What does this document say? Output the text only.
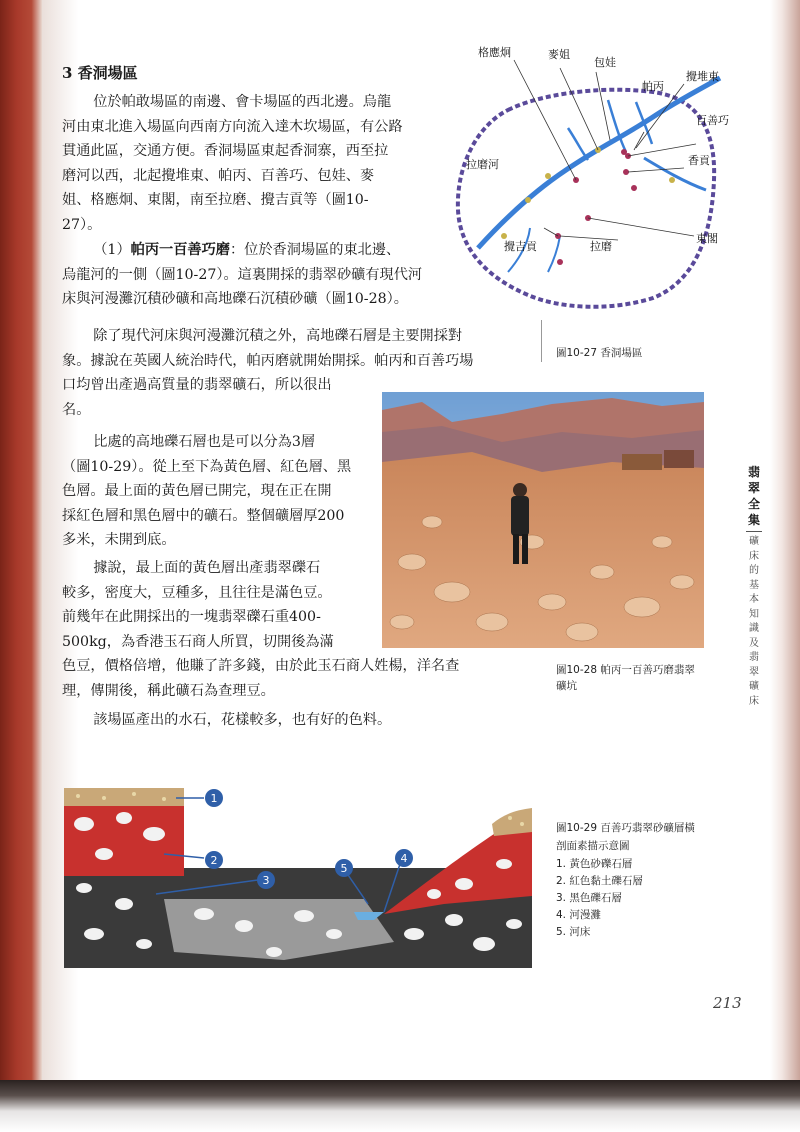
3 香洞場區

位於帕敢場區的南邊、會卡場區的西北邊。烏龍

河由東北進入場區向西南方向流入達木坎場區，有公路

貫通此區，交通方便。香洞場區東起香洞寨，西至拉

磨河以西，北起攪堆東、帕丙、百善巧、包娃、麥

姐、格應炯、東閣，南至拉磨、攪吉貢等（圖10-

27）。

（1）帕丙一百善巧磨：位於香洞場區的東北邊、

烏龍河的一側（圖10-27）。這裏開採的翡翠砂礦有現代河

床與河漫灘沉積砂礦和高地礫石沉積砂礦（圖10-28）。

除了現代河床與河漫灘沉積之外，高地礫石層是主要開採對

象。據說在英國人統治時代，帕丙磨就開始開採。帕丙和百善巧場

口均曾出產過高質量的翡翠礦石，所以很出

名。

比處的高地礫石層也是可以分為3層

（圖10-29）。從上至下為黃色層、紅色層、黑

色層。最上面的黃色層已開完，現在正在開

採紅色層和黑色層中的礦石。整個礦層厚200

多米，未開到底。

據說，最上面的黃色層出產翡翠礫石

較多，密度大，豆種多，且往往是滿色豆。

前幾年在此開採出的一塊翡翠礫石重400-

500kg，為香港玉石商人所買，切開後為滿

色豆，價格倍增，他賺了許多錢，由於此玉石商人姓楊，洋名查

理，傳開後，稱此礦石為查理豆。

該場區產出的水石，花樣較多，也有好的色料。

格應炯	麥姐
包娃
帕丙
攪堆東
百善巧
香貢
拉磨河
東閣
攪吉貢	拉磨
圖10-27 香洞場區
圖10-28 帕丙一百善巧磨翡翠
礦坑
1
2
3
5
4
圖10-29 百善巧翡翠砂礦層橫
剖面素描示意圖
1. 黃色砂礫石層
2. 紅色黏土礫石層
3. 黑色礫石層
4. 河漫灘
5. 河床
翡
翠
全
集
礦
床
的
基
本
知
識
及
翡
翠
礦
床
213
